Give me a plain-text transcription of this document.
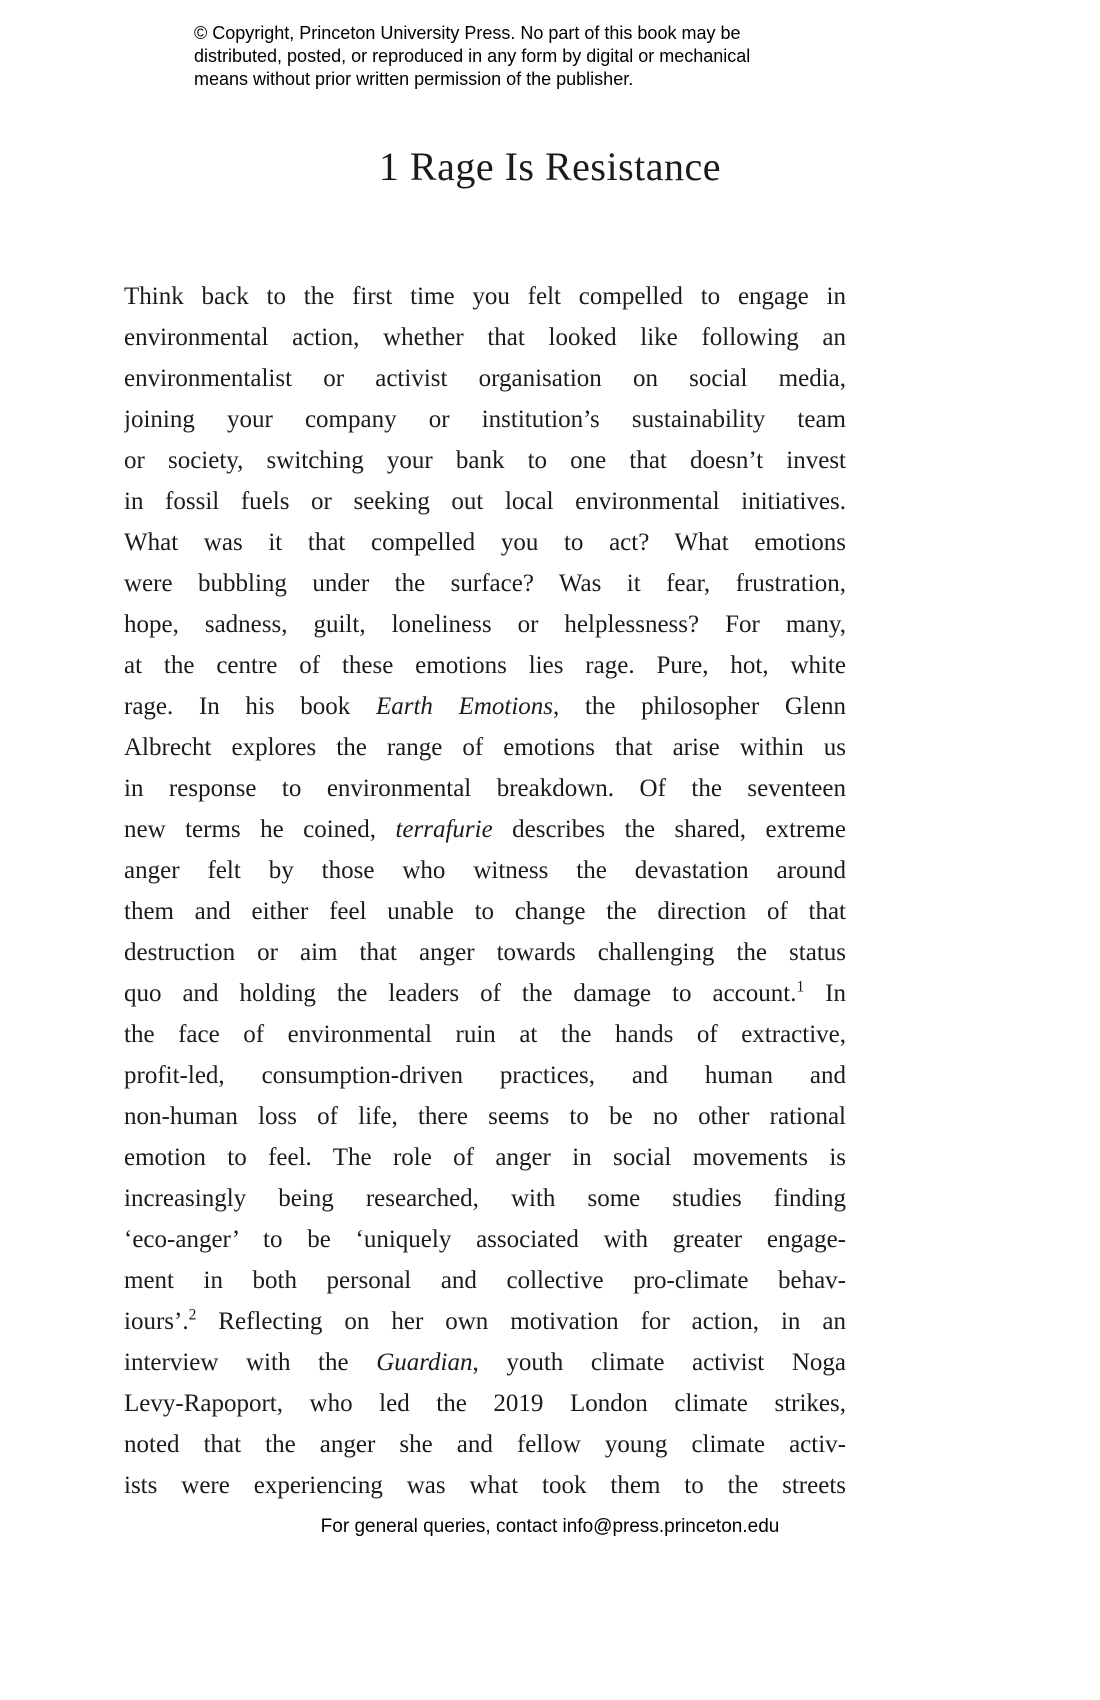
© Copyright, Princeton University Press. No part of this book may be
distributed, posted, or reproduced in any form by digital or mechanical
means without prior written permission of the publisher.
1 Rage Is Resistance
Think back to the first time you felt compelled to engage in
environmental action, whether that looked like following an
environmentalist or activist organisation on social media,
joining your company or institution’s sustainability team
or society, switching your bank to one that doesn’t invest
in fossil fuels or seeking out local environmental initiatives.
What was it that compelled you to act? What emotions
were bubbling under the surface? Was it fear, frustration,
hope, sadness, guilt, loneliness or helplessness? For many,
at the centre of these emotions lies rage. Pure, hot, white
rage. In his book Earth Emotions, the philosopher Glenn
Albrecht explores the range of emotions that arise within us
in response to environmental breakdown. Of the seventeen
new terms he coined, terrafurie describes the shared, extreme
anger felt by those who witness the devastation around
them and either feel unable to change the direction of that
destruction or aim that anger towards challenging the status
quo and holding the leaders of the damage to account.$^1$ In
the face of environmental ruin at the hands of extractive,
profit-led, consumption-driven practices, and human and
non-human loss of life, there seems to be no other rational
emotion to feel. The role of anger in social movements is
increasingly being researched, with some studies finding
‘eco-anger’ to be ‘uniquely associated with greater engage-
ment in both personal and collective pro-climate behav-
iours’.$^2$ Reflecting on her own motivation for action, in an
interview with the Guardian, youth climate activist Noga
Levy-Rapoport, who led the 2019 London climate strikes,
noted that the anger she and fellow young climate activ-
ists were experiencing was what took them to the streets
For general queries, contact info@press.princeton.edu
